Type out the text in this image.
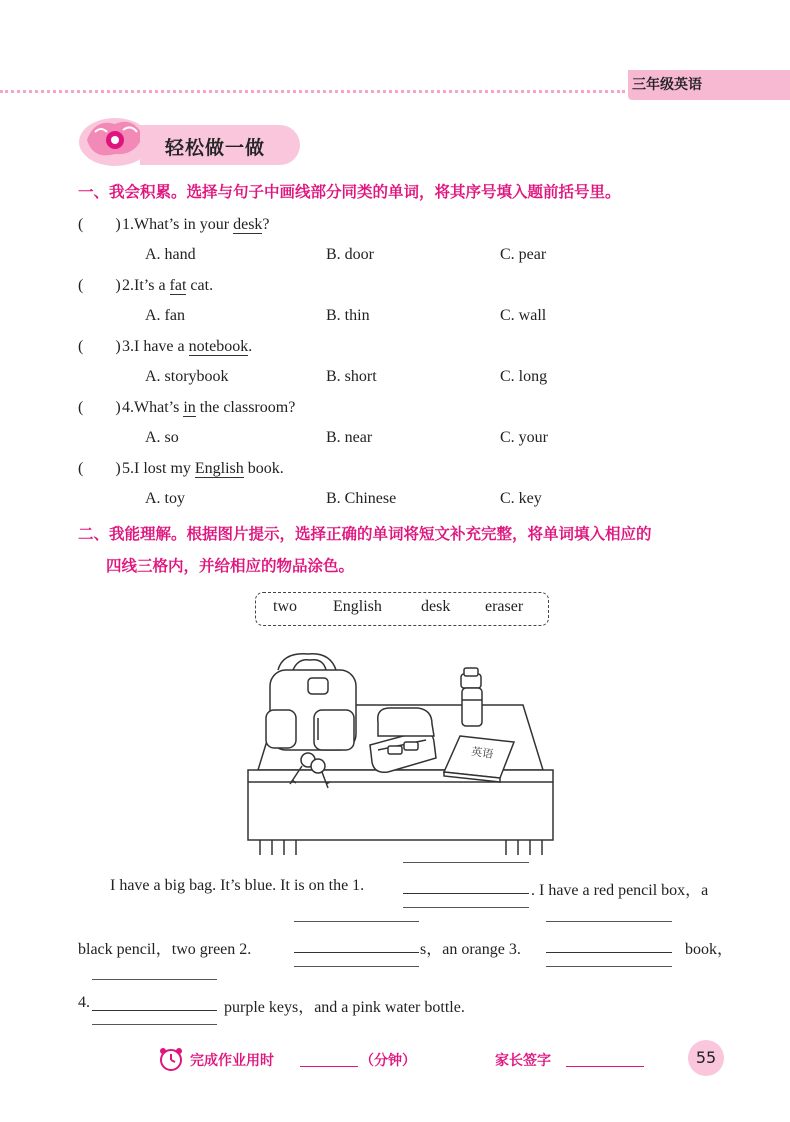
三年级英语
轻松做一做
一、我会积累。选择与句子中画线部分同类的单词，将其序号填入题前括号里。
(        ) 1.What’s in your desk?
A. hand	B. door	C. pear
(        ) 2.It’s a fat cat.
A. fan	B. thin	C. wall
(        ) 3.I have a notebook.
A. storybook	B. short	C. long
(        ) 4.What’s in the classroom?
A. so	B. near	C. your
(        ) 5.I lost my English book.
A. toy	B. Chinese	C. key
二、我能理解。根据图片提示，选择正确的单词将短文补充完整，将单词填入相应的
四线三格内，并给相应的物品涂色。
two English desk eraser
英语
I have a big bag. It’s blue. It is on the 1.	. I have a red pencil box，a
black pencil，two green 2.	s，an orange 3.	book，
4.	purple keys，and a pink water bottle.
完成作业用时	（分钟）	家长签字	55
